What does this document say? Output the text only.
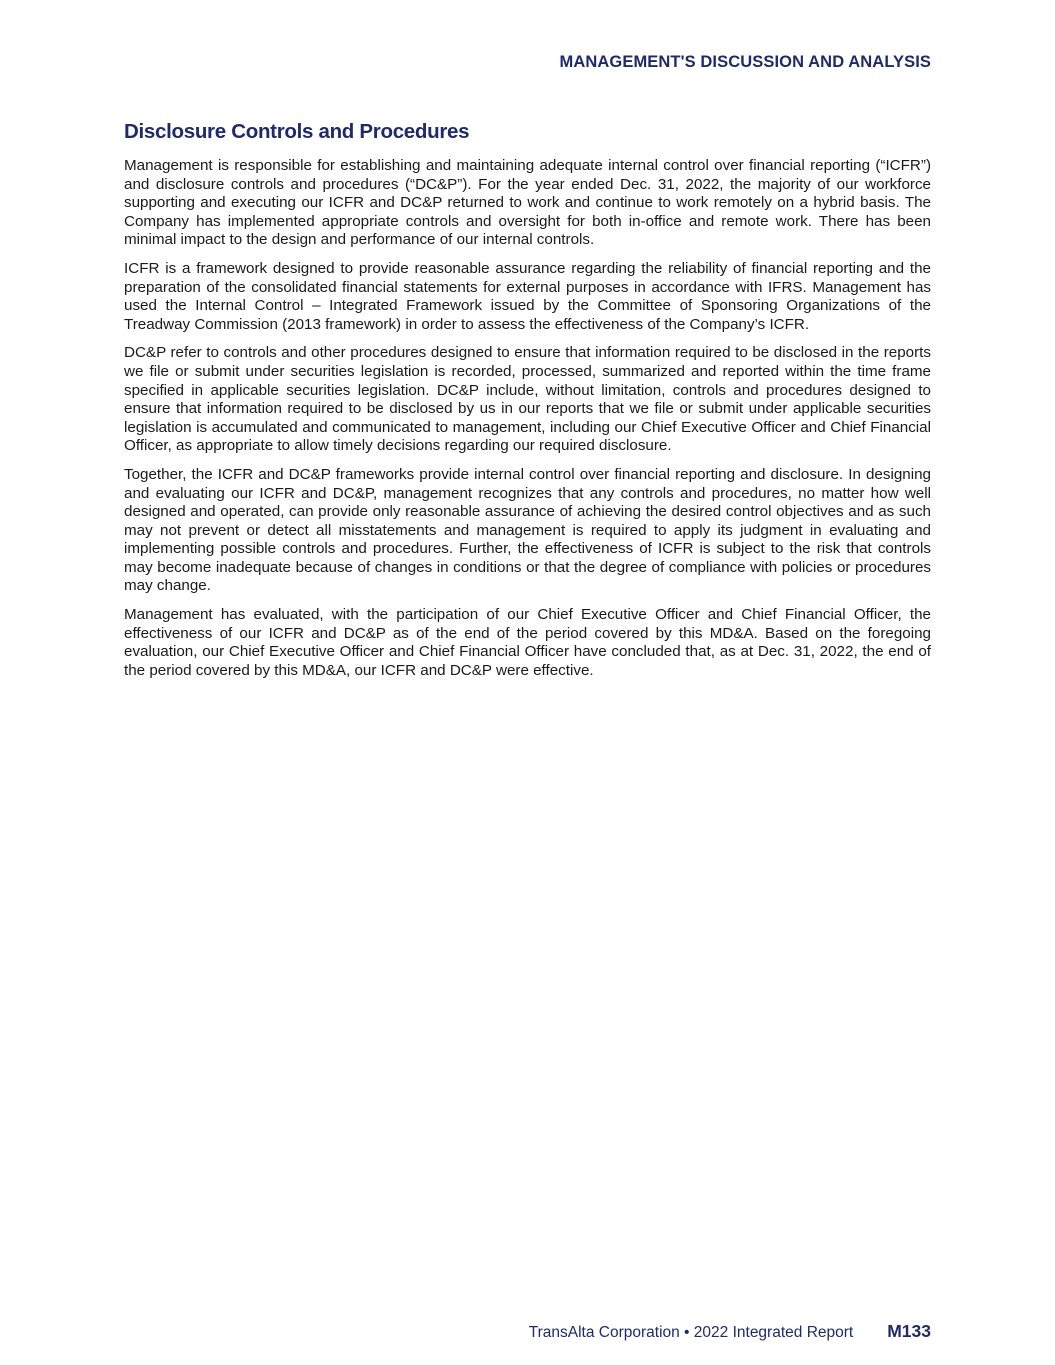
MANAGEMENT'S DISCUSSION AND ANALYSIS
Disclosure Controls and Procedures

Management is responsible for establishing and maintaining adequate internal control over financial reporting (“ICFR”) and disclosure controls and procedures (“DC&P”). For the year ended Dec. 31, 2022, the majority of our workforce supporting and executing our ICFR and DC&P returned to work and continue to work remotely on a hybrid basis. The Company has implemented appropriate controls and oversight for both in-office and remote work. There has been minimal impact to the design and performance of our internal controls.

ICFR is a framework designed to provide reasonable assurance regarding the reliability of financial reporting and the preparation of the consolidated financial statements for external purposes in accordance with IFRS. Management has used the Internal Control – Integrated Framework issued by the Committee of Sponsoring Organizations of the Treadway Commission (2013 framework) in order to assess the effectiveness of the Company’s ICFR.

DC&P refer to controls and other procedures designed to ensure that information required to be disclosed in the reports we file or submit under securities legislation is recorded, processed, summarized and reported within the time frame specified in applicable securities legislation. DC&P include, without limitation, controls and procedures designed to ensure that information required to be disclosed by us in our reports that we file or submit under applicable securities legislation is accumulated and communicated to management, including our Chief Executive Officer and Chief Financial Officer, as appropriate to allow timely decisions regarding our required disclosure.

Together, the ICFR and DC&P frameworks provide internal control over financial reporting and disclosure. In designing and evaluating our ICFR and DC&P, management recognizes that any controls and procedures, no matter how well designed and operated, can provide only reasonable assurance of achieving the desired control objectives and as such may not prevent or detect all misstatements and management is required to apply its judgment in evaluating and implementing possible controls and procedures. Further, the effectiveness of ICFR is subject to the risk that controls may become inadequate because of changes in conditions or that the degree of compliance with policies or procedures may change.

Management has evaluated, with the participation of our Chief Executive Officer and Chief Financial Officer, the effectiveness of our ICFR and DC&P as of the end of the period covered by this MD&A. Based on the foregoing evaluation, our Chief Executive Officer and Chief Financial Officer have concluded that, as at Dec. 31, 2022, the end of the period covered by this MD&A, our ICFR and DC&P were effective.

TransAlta Corporation • 2022 Integrated Report M133
